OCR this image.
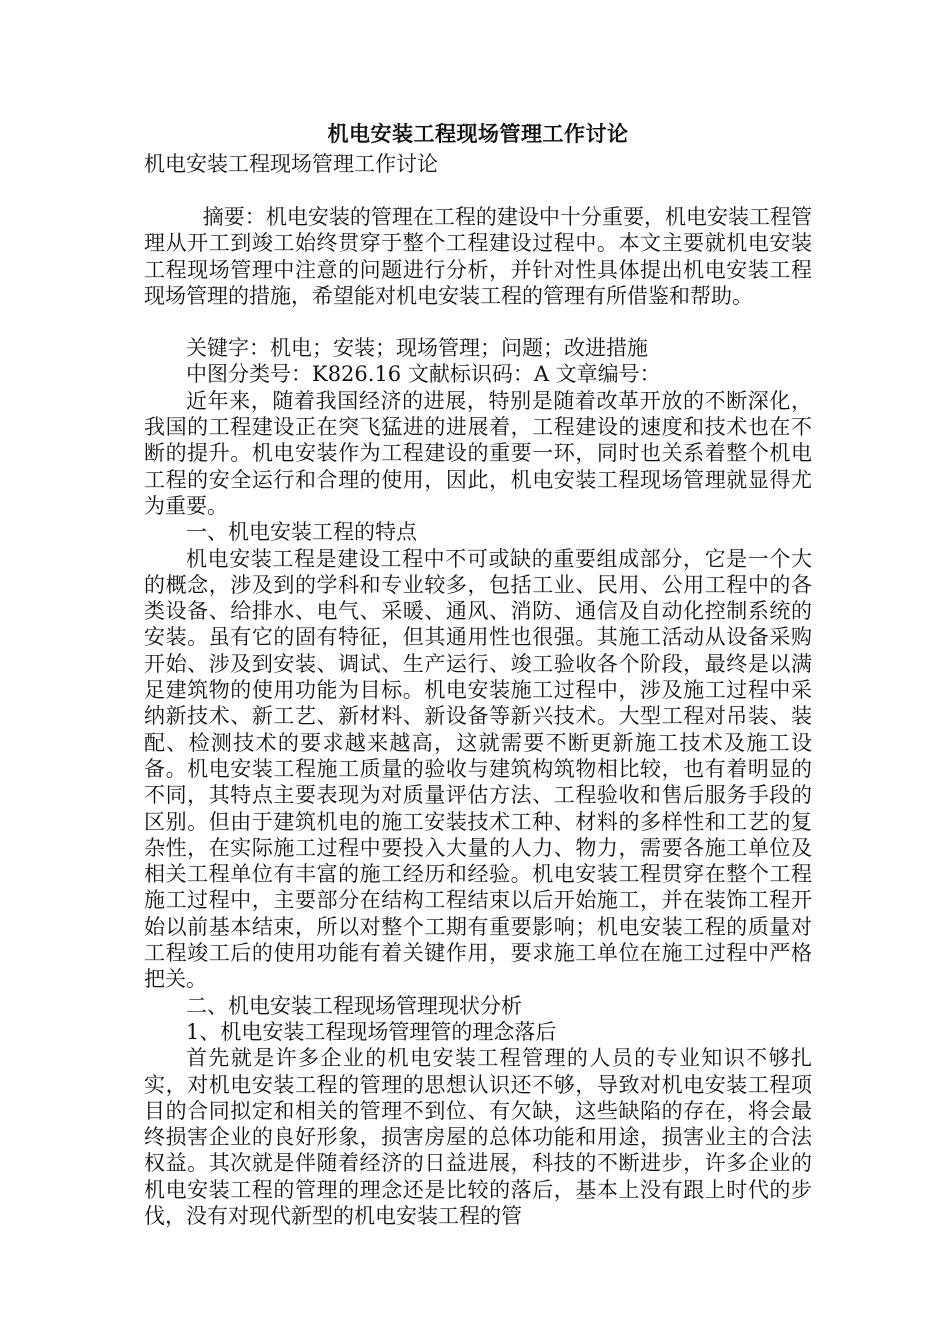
机电安装工程现场管理工作讨论

机电安装工程现场管理工作讨论

摘要：机电安装的管理在工程的建设中十分重要，机电安装工程管理从开工到竣工始终贯穿于整个工程建设过程中。本文主要就机电安装工程现场管理中注意的问题进行分析，并针对性具体提出机电安装工程现场管理的措施，希望能对机电安装工程的管理有所借鉴和帮助。

关键字：机电；安装；现场管理；问题；改进措施

中图分类号：K826.16 文献标识码：A 文章编号：

近年来，随着我国经济的进展，特别是随着改革开放的不断深化，我国的工程建设正在突飞猛进的进展着，工程建设的速度和技术也在不断的提升。机电安装作为工程建设的重要一环，同时也关系着整个机电工程的安全运行和合理的使用，因此，机电安装工程现场管理就显得尤为重要。

一、机电安装工程的特点

机电安装工程是建设工程中不可或缺的重要组成部分，它是一个大的概念，涉及到的学科和专业较多，包括工业、民用、公用工程中的各类设备、给排水、电气、采暖、通风、消防、通信及自动化控制系统的安装。虽有它的固有特征，但其通用性也很强。其施工活动从设备采购开始、涉及到安装、调试、生产运行、竣工验收各个阶段，最终是以满足建筑物的使用功能为目标。机电安装施工过程中，涉及施工过程中采纳新技术、新工艺、新材料、新设备等新兴技术。大型工程对吊装、装配、检测技术的要求越来越高，这就需要不断更新施工技术及施工设备。机电安装工程施工质量的验收与建筑构筑物相比较，也有着明显的不同，其特点主要表现为对质量评估方法、工程验收和售后服务手段的区别。但由于建筑机电的施工安装技术工种、材料的多样性和工艺的复杂性，在实际施工过程中要投入大量的人力、物力，需要各施工单位及相关工程单位有丰富的施工经历和经验。机电安装工程贯穿在整个工程施工过程中，主要部分在结构工程结束以后开始施工，并在装饰工程开始以前基本结束，所以对整个工期有重要影响；机电安装工程的质量对工程竣工后的使用功能有着关键作用，要求施工单位在施工过程中严格把关。

二、机电安装工程现场管理现状分析

1、机电安装工程现场管理管的理念落后

首先就是许多企业的机电安装工程管理的人员的专业知识不够扎实，对机电安装工程的管理的思想认识还不够，导致对机电安装工程项目的合同拟定和相关的管理不到位、有欠缺，这些缺陷的存在，将会最终损害企业的良好形象，损害房屋的总体功能和用途，损害业主的合法权益。其次就是伴随着经济的日益进展，科技的不断进步，许多企业的机电安装工程的管理的理念还是比较的落后，基本上没有跟上时代的步伐，没有对现代新型的机电安装工程的管
